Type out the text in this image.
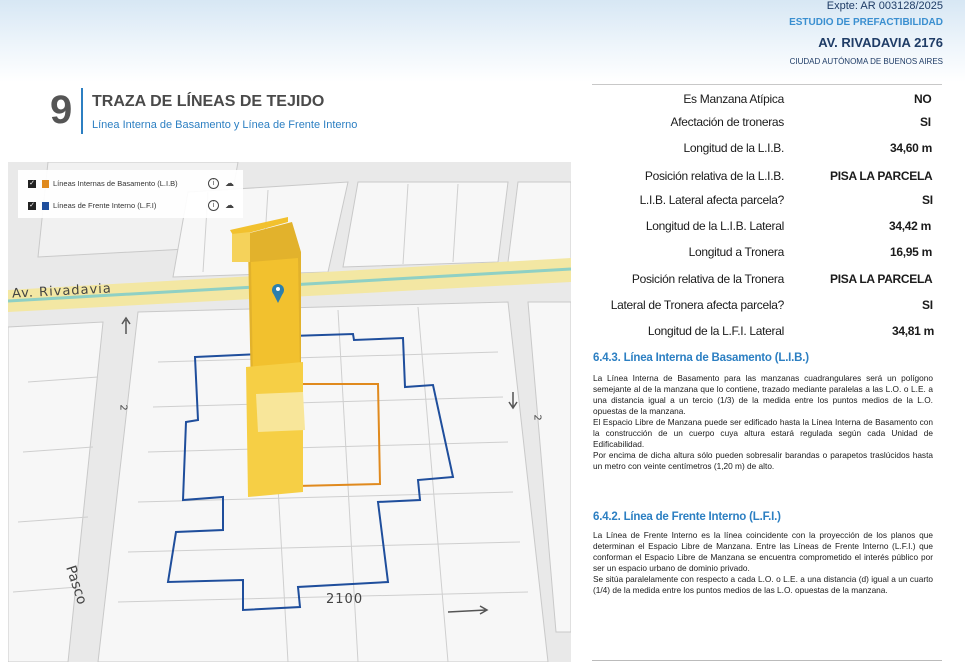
Expte: AR 003128/2025
ESTUDIO DE PREFACTIBILIDAD
AV. RIVADAVIA 2176
CIUDAD AUTÓNOMA DE BUENOS AIRES
9 TRAZA DE LÍNEAS DE TEJIDO
Línea Interna de Basamento y Línea de Frente Interno
✓ Líneas Internas de Basamento (L.I.B)	i	☁
✓ Líneas de Frente Interno (L.F.I)	i	☁
Av. Rivadavia
Pasco	2100
2
2
Es Manzana Atípica	NO
Afectación de troneras	SI
Longitud de la L.I.B.	34,60 m
Posición relativa de la L.I.B.	PISA LA PARCELA
L.I.B. Lateral afecta parcela?	SI
Longitud de la L.I.B. Lateral	34,42 m
Longitud a Tronera	16,95 m
Posición relativa de la Tronera	PISA LA PARCELA
Lateral de Tronera afecta parcela?	SI
Longitud de la L.F.I. Lateral	34,81 m
6.4.3. Línea Interna de Basamento (L.I.B.)

La Línea Interna de Basamento para las manzanas cuadrangulares será un polígono semejante al de la manzana que lo contiene, trazado mediante paralelas a las L.O. o L.E. a una distancia igual a un tercio (1/3) de la medida entre los puntos medios de la L.O. opuestas de la manzana.

El Espacio Libre de Manzana puede ser edificado hasta la Línea Interna de Basamento con la construcción de un cuerpo cuya altura estará regulada según cada Unidad de Edificabilidad.

Por encima de dicha altura sólo pueden sobresalir barandas o parapetos traslúcidos hasta un metro con veinte centímetros (1,20 m) de alto.

6.4.2. Línea de Frente Interno (L.F.I.)

La Línea de Frente Interno es la línea coincidente con la proyección de los planos que determinan el Espacio Libre de Manzana. Entre las Líneas de Frente Interno (L.F.I.) que conforman el Espacio Libre de Manzana se encuentra comprometido el interés público por ser un espacio urbano de dominio privado.

Se sitúa paralelamente con respecto a cada L.O. o L.E. a una distancia (d) igual a un cuarto (1/4) de la medida entre los puntos medios de las L.O. opuestas de la manzana.
